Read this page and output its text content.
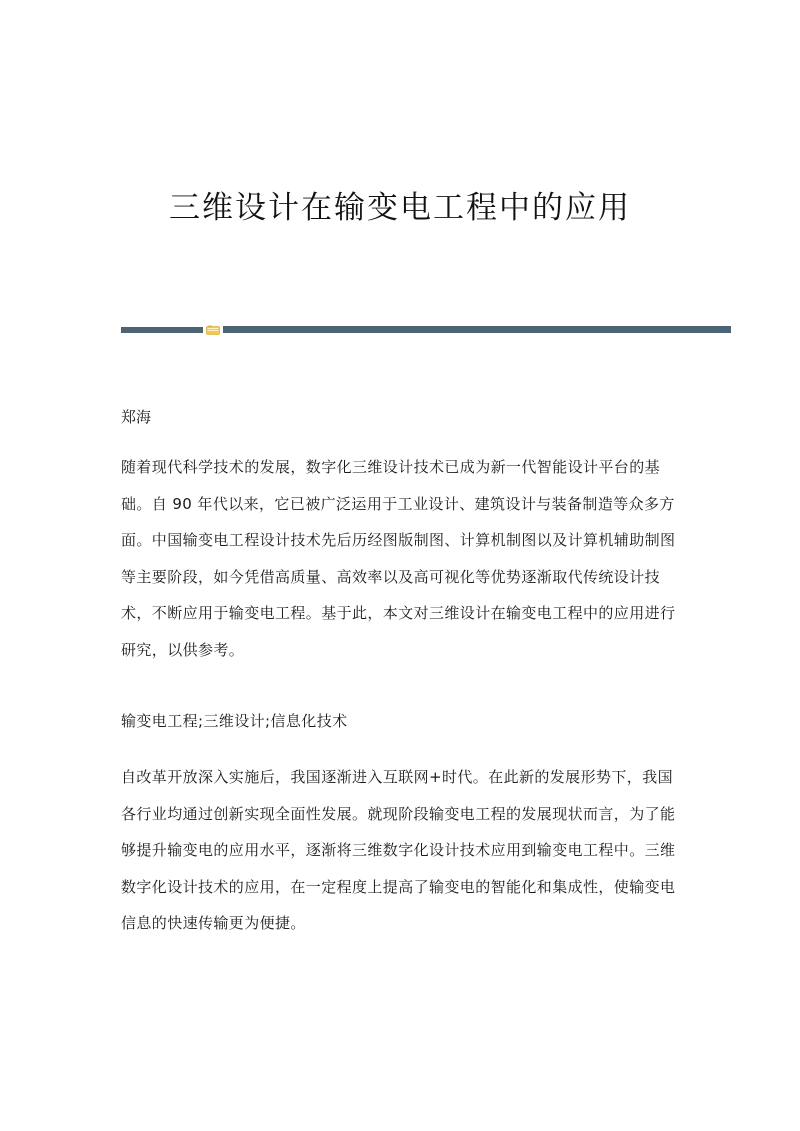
三维设计在输变电工程中的应用
郑海

随着现代科学技术的发展，数字化三维设计技术已成为新一代智能设计平台的基础。自 90 年代以来，它已被广泛运用于工业设计、建筑设计与装备制造等众多方面。中国输变电工程设计技术先后历经图版制图、计算机制图以及计算机辅助制图等主要阶段，如今凭借高质量、高效率以及高可视化等优势逐渐取代传统设计技术，不断应用于输变电工程。基于此，本文对三维设计在输变电工程中的应用进行研究，以供参考。

输变电工程;三维设计;信息化技术

自改革开放深入实施后，我国逐渐进入互联网+时代。在此新的发展形势下，我国各行业均通过创新实现全面性发展。就现阶段输变电工程的发展现状而言，为了能够提升输变电的应用水平，逐渐将三维数字化设计技术应用到输变电工程中。三维数字化设计技术的应用，在一定程度上提高了输变电的智能化和集成性，使输变电信息的快速传输更为便捷。
